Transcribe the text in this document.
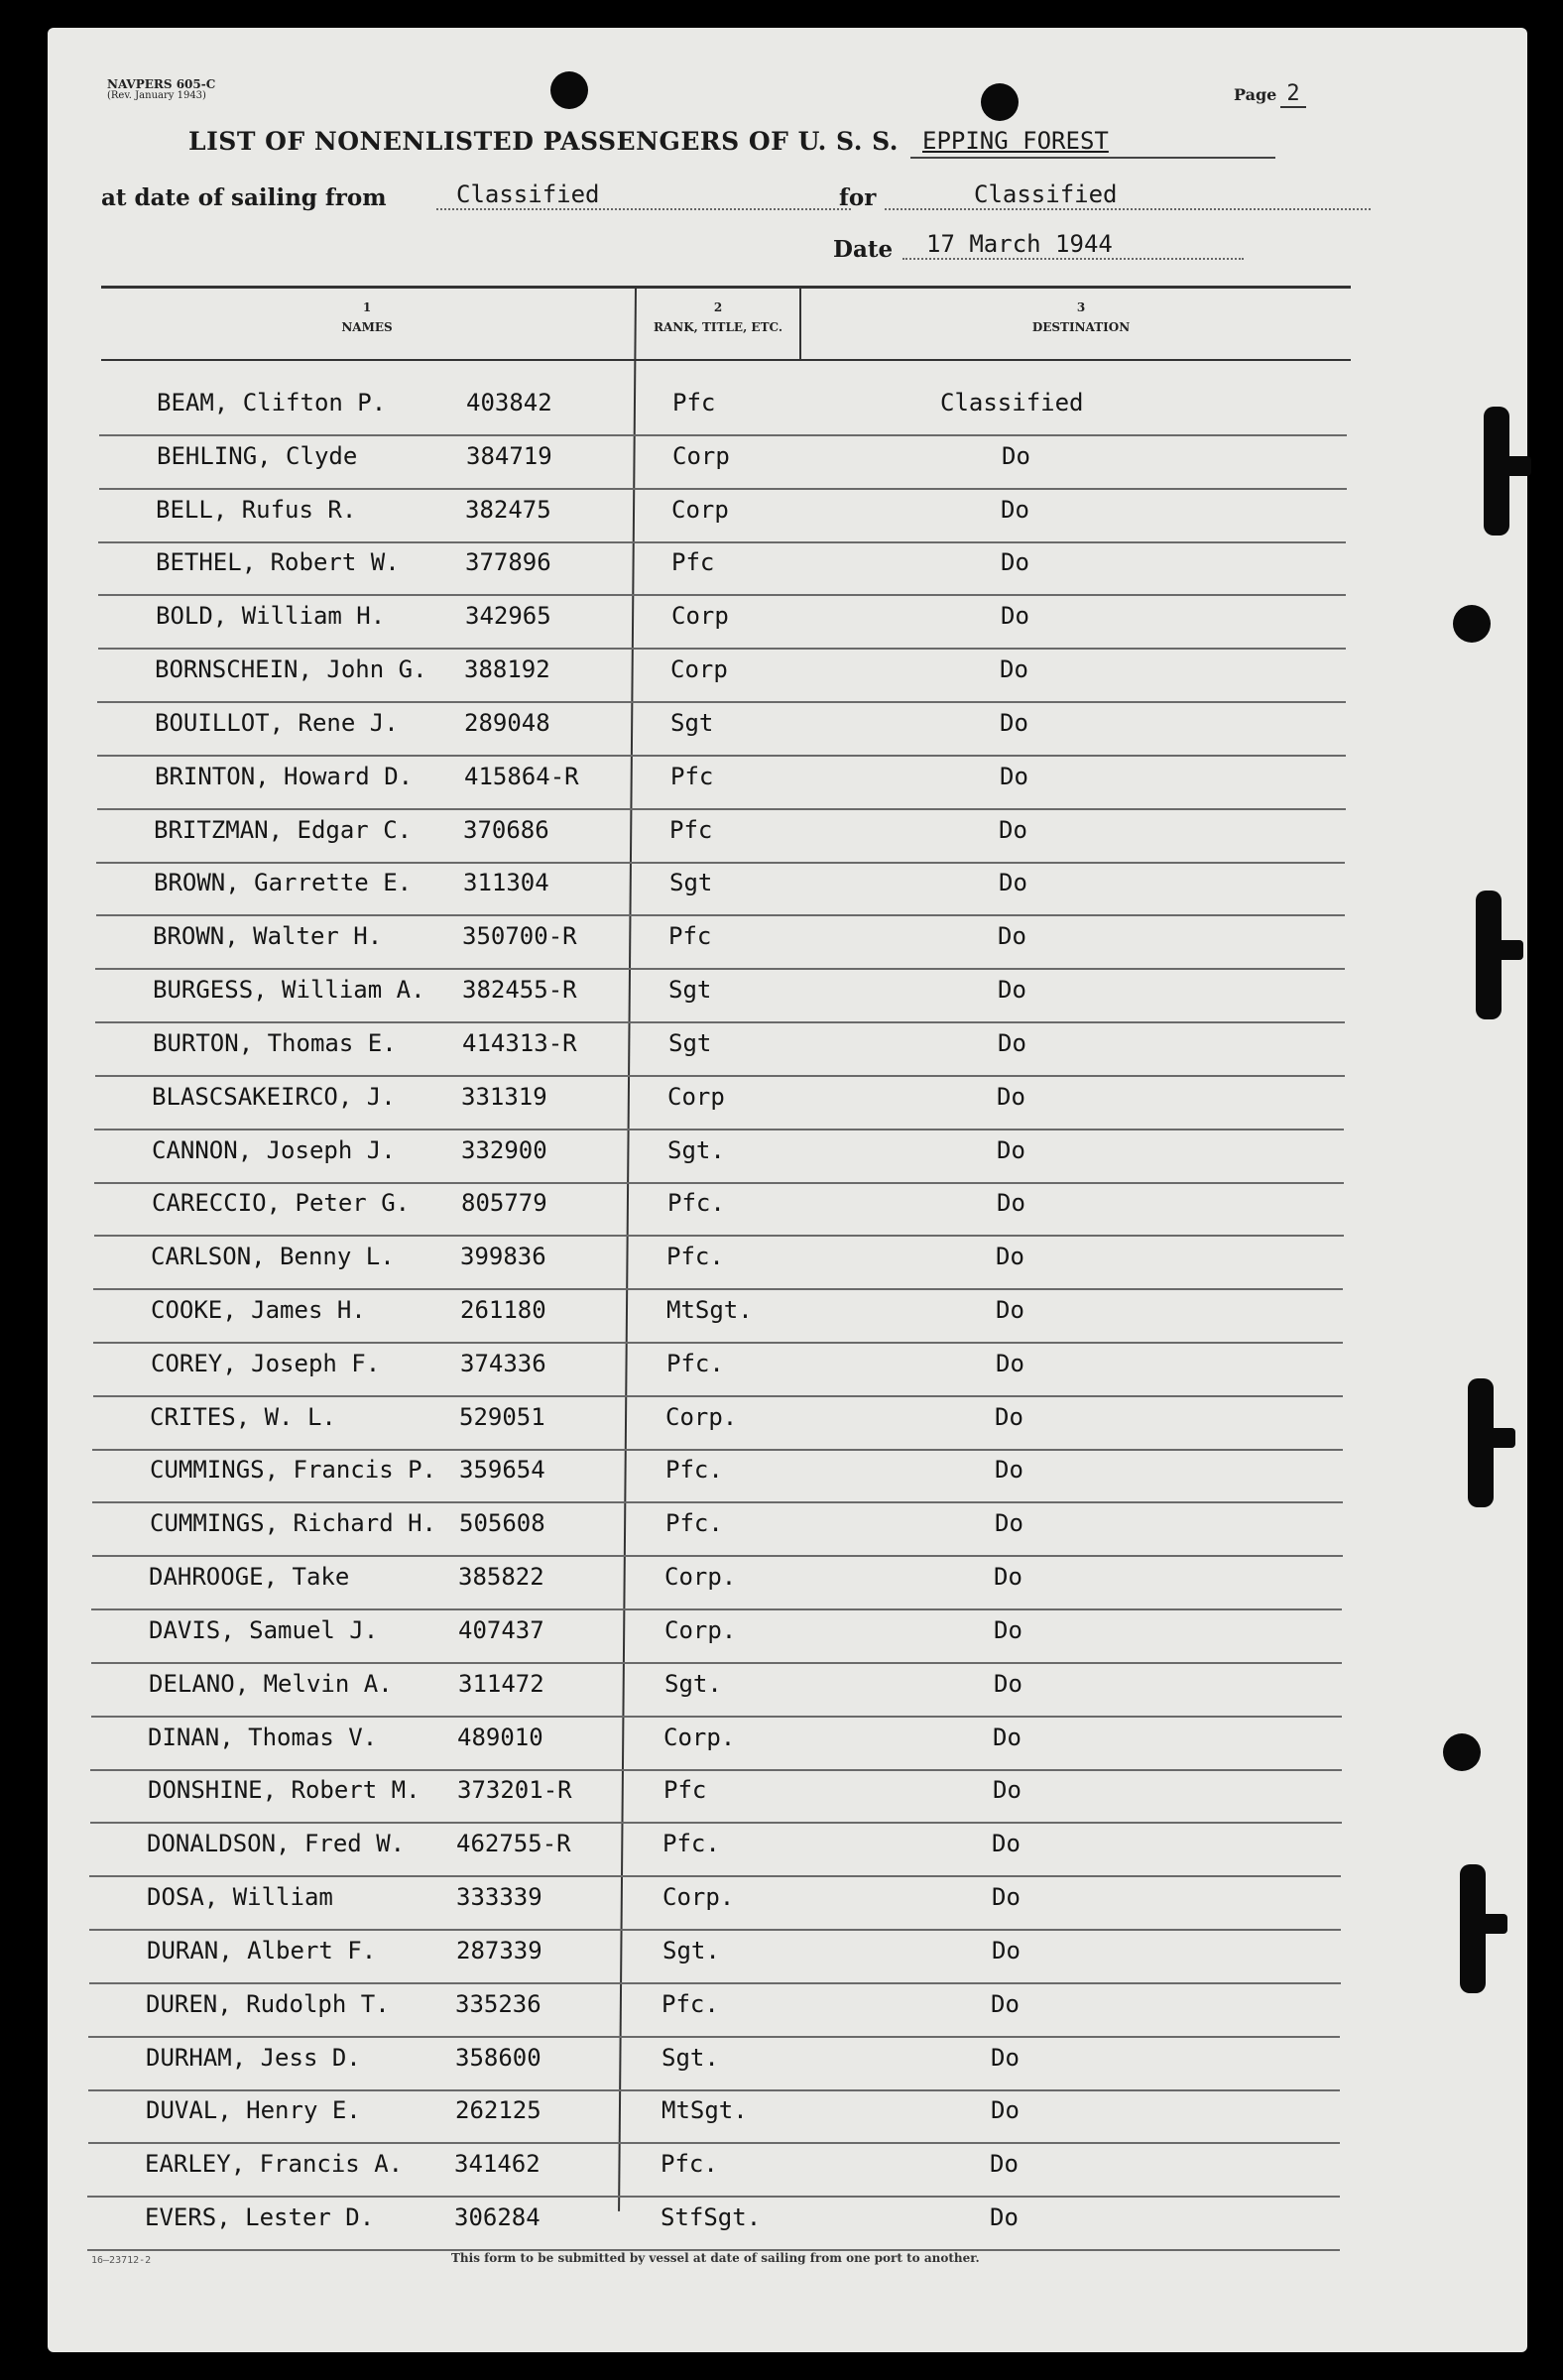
NAVPERS 605-C
(Rev. January 1943)	Page 2
LIST OF NONENLISTED PASSENGERS OF U. S. S.	EPPING FOREST
at date of sailing from	Classified	for	Classified
Date	17 March 1944
1
NAMES
2
RANK, TITLE, ETC.
3
DESTINATION
BEAM, Clifton P.	403842	Pfc	Classified
BEHLING, Clyde	384719	Corp	Do
BELL, Rufus R.	382475	Corp	Do
BETHEL, Robert W.	377896	Pfc	Do
BOLD, William H.	342965	Corp	Do
BORNSCHEIN, John G. 388192	Corp	Do
BOUILLOT, Rene J.	289048	Sgt	Do
BRINTON, Howard D. 415864-R	Pfc	Do
BRITZMAN, Edgar C. 370686	Pfc	Do
BROWN, Garrette E. 311304	Sgt	Do
BROWN, Walter H.	350700-R	Pfc	Do
BURGESS, William A. 382455-R	Sgt	Do
BURTON, Thomas E.	414313-R	Sgt	Do
BLASCSAKEIRCO, J.	331319	Corp	Do
CANNON, Joseph J.	332900	Sgt.	Do
CARECCIO, Peter G. 805779	Pfc.	Do
CARLSON, Benny L.	399836	Pfc.	Do
COOKE, James H.	261180	MtSgt.	Do
COREY, Joseph F.	374336	Pfc.	Do
CRITES, W. L.	529051	Corp.	Do
CUMMINGS, Francis P. 359654	Pfc.	Do
CUMMINGS, Richard H. 505608	Pfc.	Do
DAHROOGE, Take	385822	Corp.	Do
DAVIS, Samuel J.	407437	Corp.	Do
DELANO, Melvin A.	311472	Sgt.	Do
DINAN, Thomas V.	489010	Corp.	Do
DONSHINE, Robert M. 373201-R	Pfc	Do
DONALDSON, Fred W. 462755-R	Pfc.	Do
DOSA, William	333339	Corp.	Do
DURAN, Albert F.	287339	Sgt.	Do
DUREN, Rudolph T.	335236	Pfc.	Do
DURHAM, Jess D.	358600	Sgt.	Do
DUVAL, Henry E.	262125	MtSgt.	Do
EARLEY, Francis A. 341462	Pfc.	Do
EVERS, Lester D.	306284	StfSgt.	Do
16—23712-2	This form to be submitted by vessel at date of sailing from one port to another.
